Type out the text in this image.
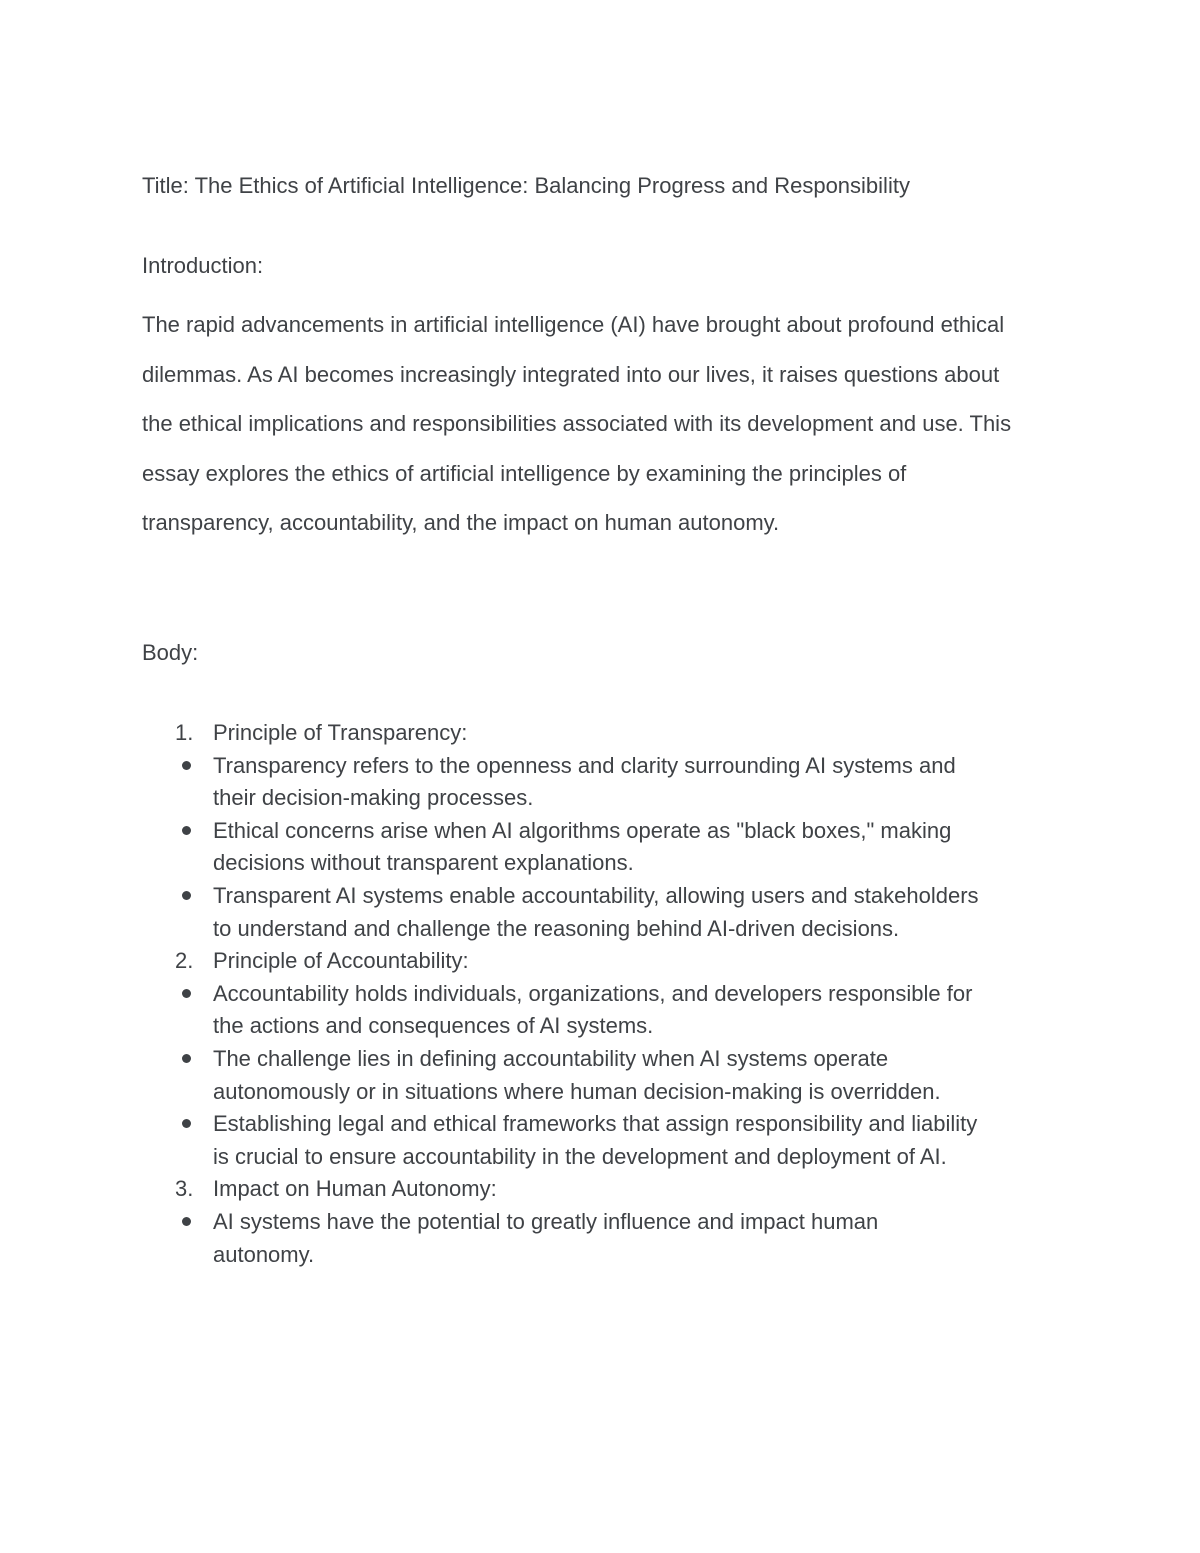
Title: The Ethics of Artificial Intelligence: Balancing Progress and Responsibility
Introduction:

The rapid advancements in artificial intelligence (AI) have brought about profound ethical dilemmas. As AI becomes increasingly integrated into our lives, it raises questions about the ethical implications and responsibilities associated with its development and use. This essay explores the ethics of artificial intelligence by examining the principles of transparency, accountability, and the impact on human autonomy.

Body:
1. Principle of Transparency:
Transparency refers to the openness and clarity surrounding AI systems and their decision-making processes.
Ethical concerns arise when AI algorithms operate as "black boxes," making decisions without transparent explanations.
Transparent AI systems enable accountability, allowing users and stakeholders to understand and challenge the reasoning behind AI-driven decisions.
2. Principle of Accountability:
Accountability holds individuals, organizations, and developers responsible for the actions and consequences of AI systems.
The challenge lies in defining accountability when AI systems operate autonomously or in situations where human decision-making is overridden.
Establishing legal and ethical frameworks that assign responsibility and liability is crucial to ensure accountability in the development and deployment of AI.
3. Impact on Human Autonomy:
AI systems have the potential to greatly influence and impact human autonomy.
